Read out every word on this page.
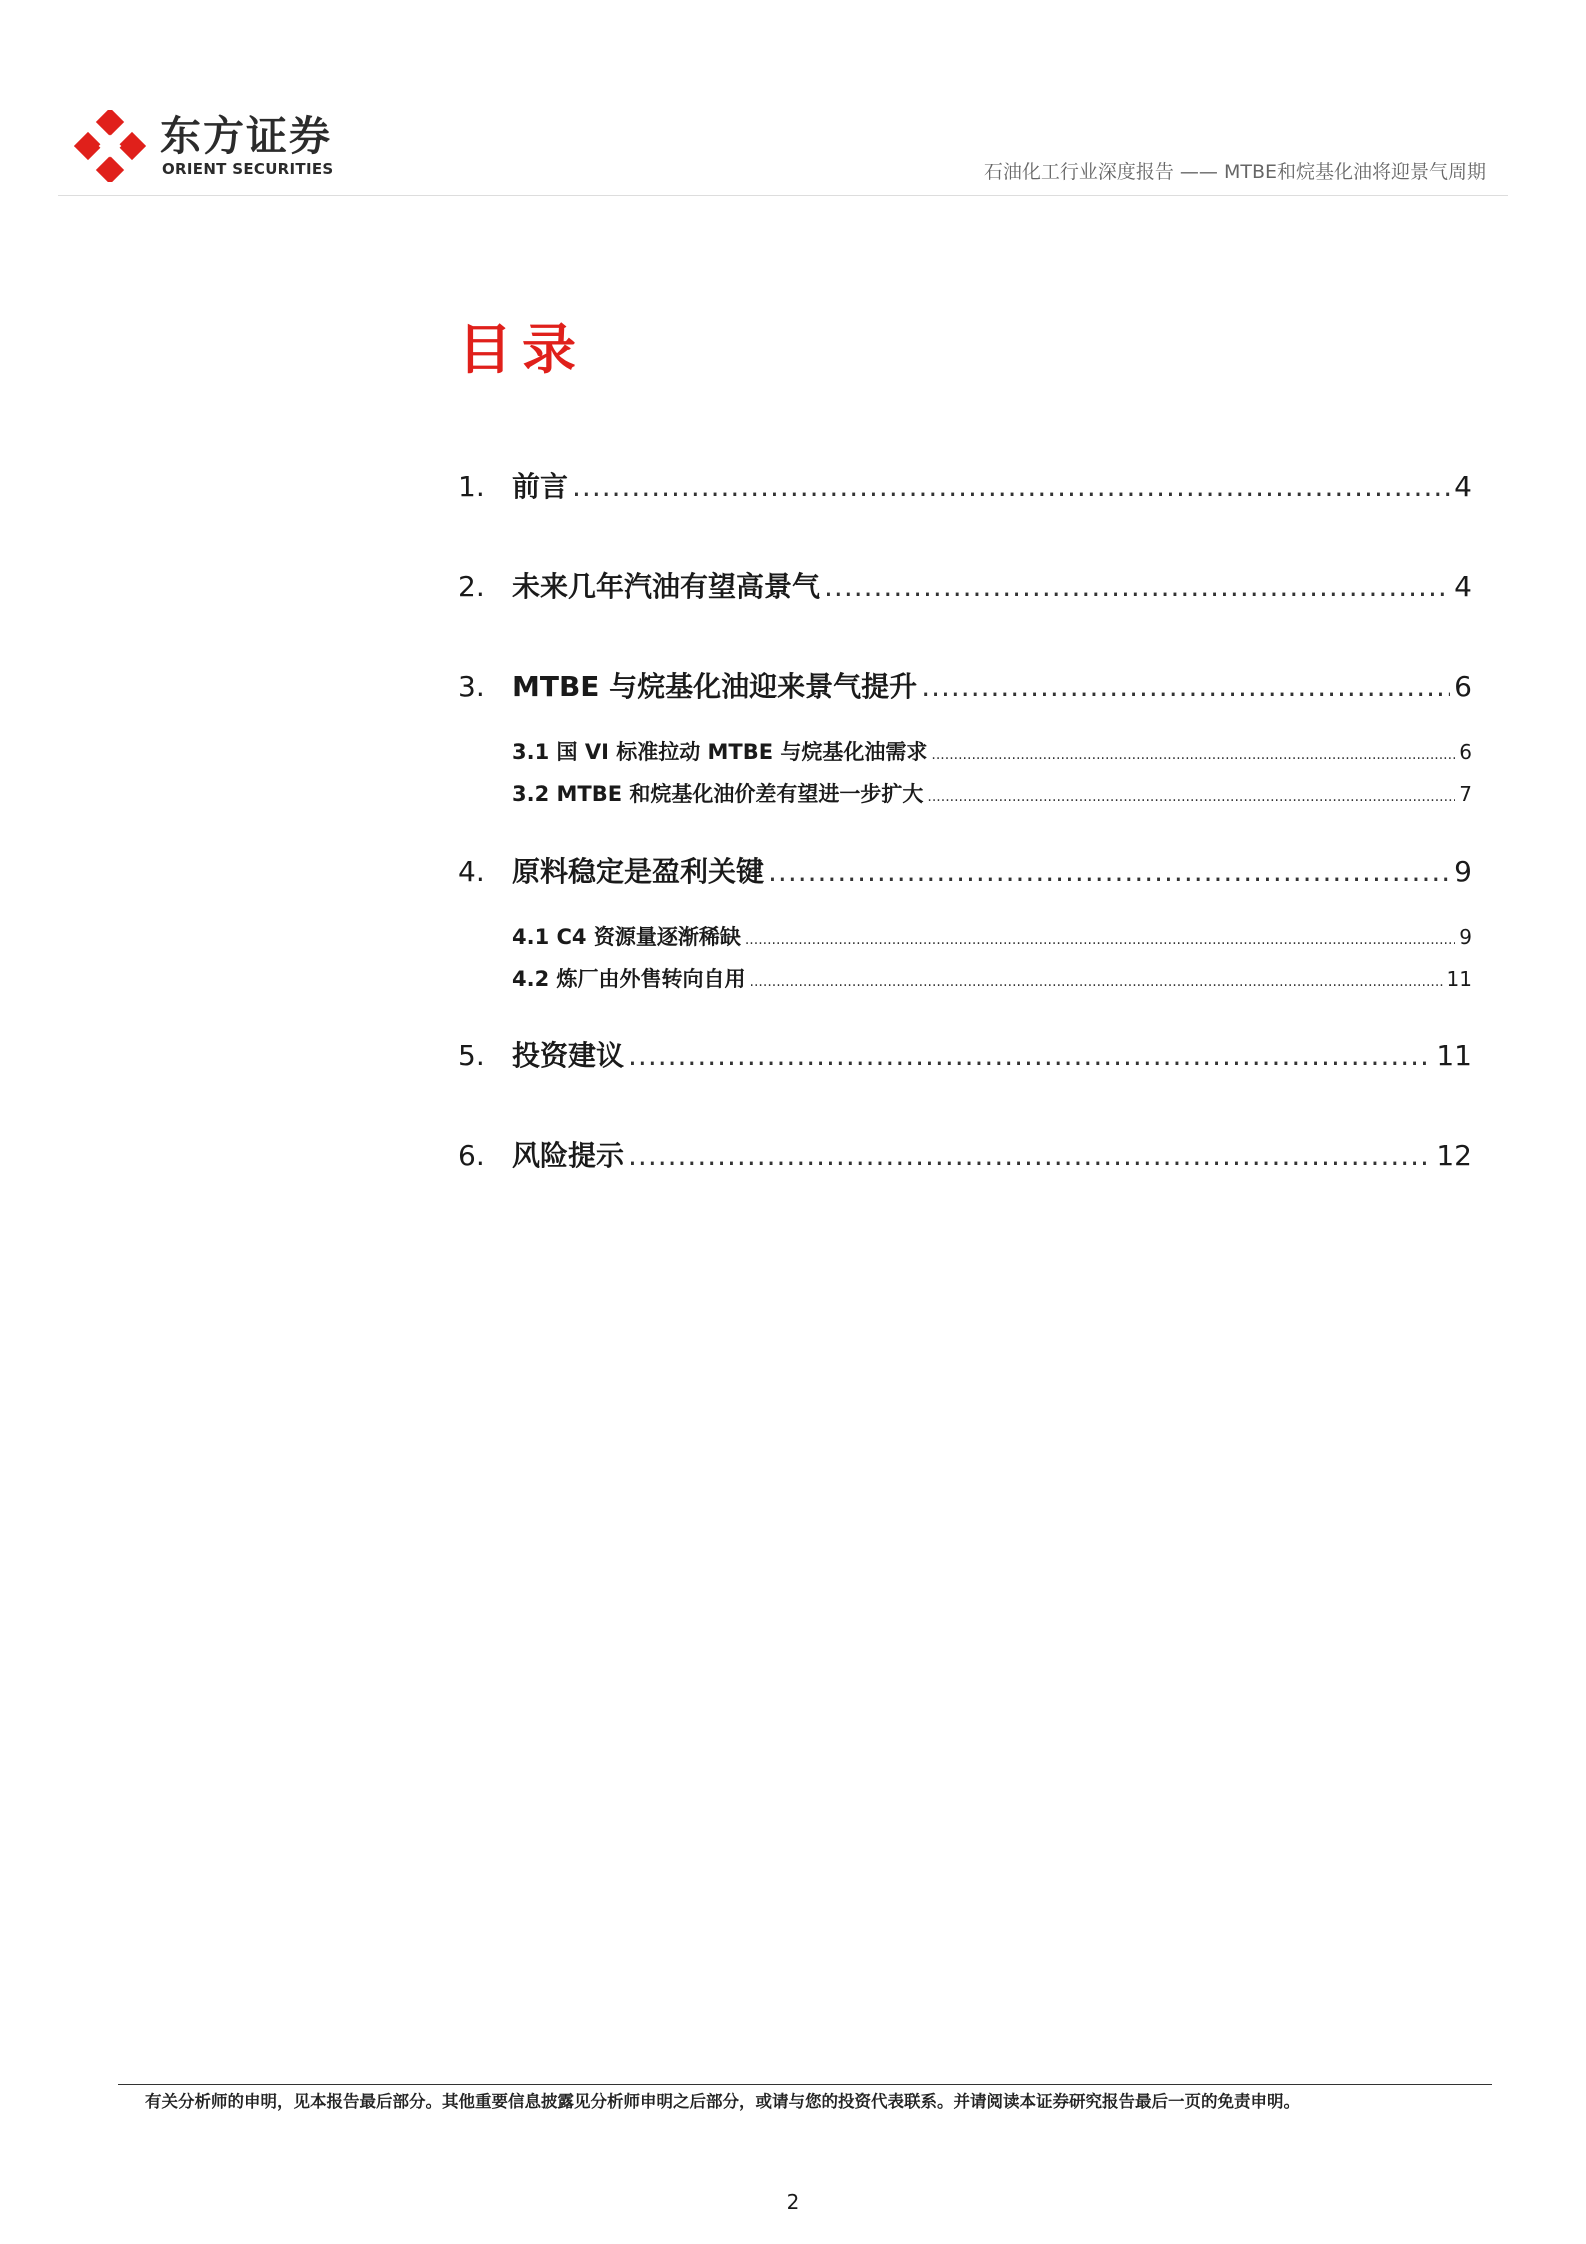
东方证券
ORIENT SECURITIES	石油化工行业深度报告 —— MTBE和烷基化油将迎景气周期
目录
1. 前言 .....	4
2. 未来几年汽油有望高景气 .....	4
3. MTBE 与烷基化油迎来景气提升 .....	6
3.1 国 VI 标准拉动 MTBE 与烷基化油需求 .....	6
3.2 MTBE 和烷基化油价差有望进一步扩大 .....	7
4. 原料稳定是盈利关键 .....	9
4.1 C4 资源量逐渐稀缺 .....	9
4.2 炼厂由外售转向自用 .....	11
5. 投资建议 .....	11
6. 风险提示 .....	12
有关分析师的申明，见本报告最后部分。其他重要信息披露见分析师申明之后部分，或请与您的投资代表联系。并请阅读本证券研究报告最后一页的免责申明。
2
